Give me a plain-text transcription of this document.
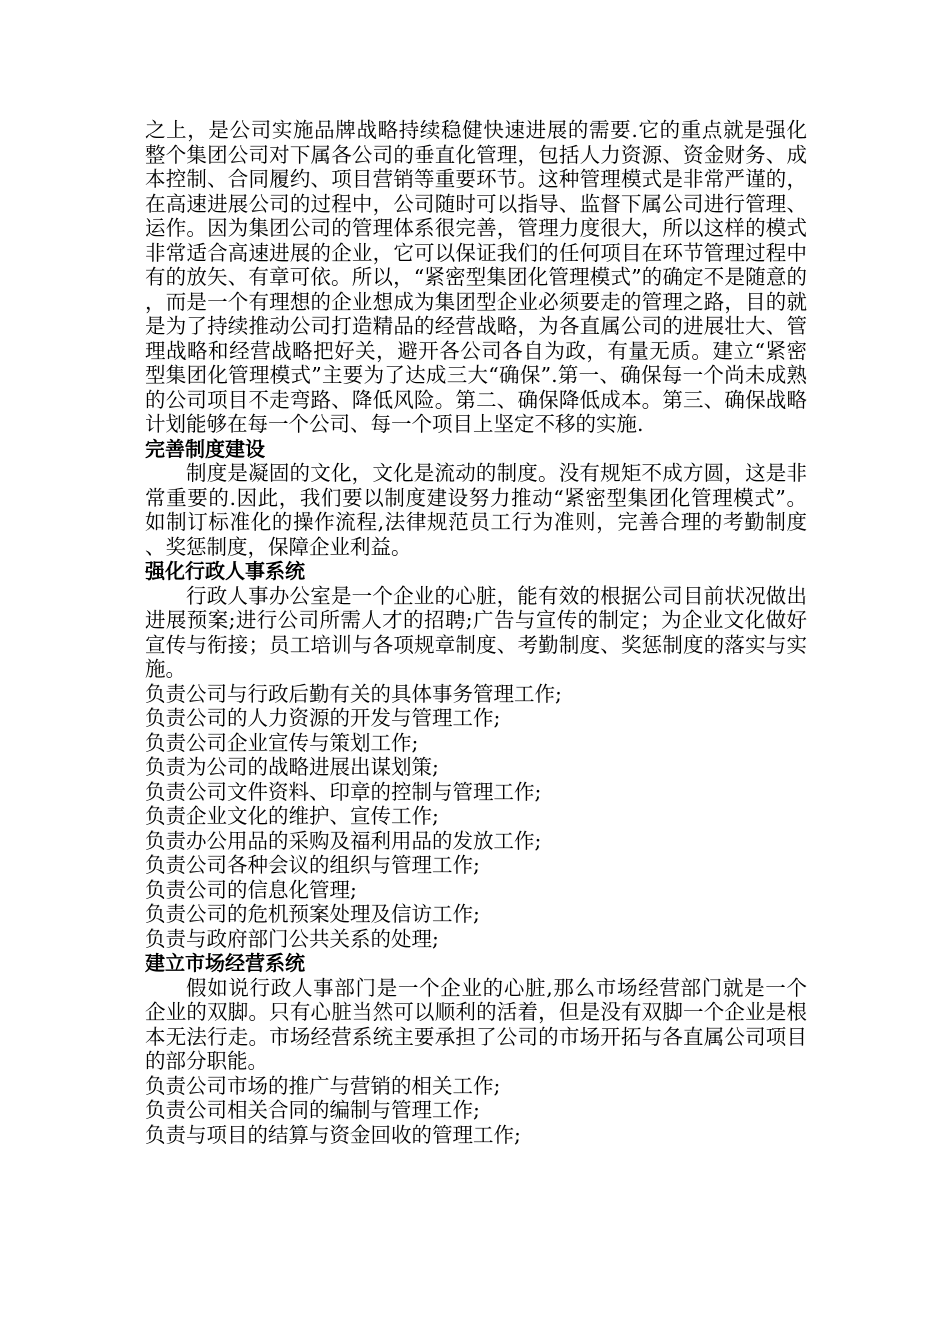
之上，是公司实施品牌战略持续稳健快速进展的需要.它的重点就是强化整个集团公司对下属各公司的垂直化管理，包括人力资源、资金财务、成本控制、合同履约、项目营销等重要环节。这种管理模式是非常严谨的，在高速进展公司的过程中，公司随时可以指导、监督下属公司进行管理、运作。因为集团公司的管理体系很完善，管理力度很大，所以这样的模式非常适合高速进展的企业，它可以保证我们的任何项目在环节管理过程中有的放矢、有章可依。所以，“紧密型集团化管理模式”的确定不是随意的，而是一个有理想的企业想成为集团型企业必须要走的管理之路，目的就是为了持续推动公司打造精品的经营战略，为各直属公司的进展壮大、管理战略和经营战略把好关，避开各公司各自为政，有量无质。建立“紧密型集团化管理模式”主要为了达成三大“确保”.第一、确保每一个尚未成熟的公司项目不走弯路、降低风险。第二、确保降低成本。第三、确保战略计划能够在每一个公司、每一个项目上坚定不移的实施.

完善制度建设

制度是凝固的文化，文化是流动的制度。没有规矩不成方圆，这是非常重要的.因此，我们要以制度建设努力推动“紧密型集团化管理模式”。如制订标准化的操作流程,法律规范员工行为准则，完善合理的考勤制度、奖惩制度，保障企业利益。

强化行政人事系统

行政人事办公室是一个企业的心脏，能有效的根据公司目前状况做出进展预案;进行公司所需人才的招聘;广告与宣传的制定；为企业文化做好宣传与衔接；员工培训与各项规章制度、考勤制度、奖惩制度的落实与实施。

负责公司与行政后勤有关的具体事务管理工作;
负责公司的人力资源的开发与管理工作;
负责公司企业宣传与策划工作;
负责为公司的战略进展出谋划策;
负责公司文件资料、印章的控制与管理工作;
负责企业文化的维护、宣传工作;
负责办公用品的采购及福利用品的发放工作;
负责公司各种会议的组织与管理工作;
负责公司的信息化管理;
负责公司的危机预案处理及信访工作;
负责与政府部门公共关系的处理;
建立市场经营系统

假如说行政人事部门是一个企业的心脏,那么市场经营部门就是一个企业的双脚。只有心脏当然可以顺利的活着，但是没有双脚一个企业是根本无法行走。市场经营系统主要承担了公司的市场开拓与各直属公司项目的部分职能。

负责公司市场的推广与营销的相关工作;
负责公司相关合同的编制与管理工作;
负责与项目的结算与资金回收的管理工作;
